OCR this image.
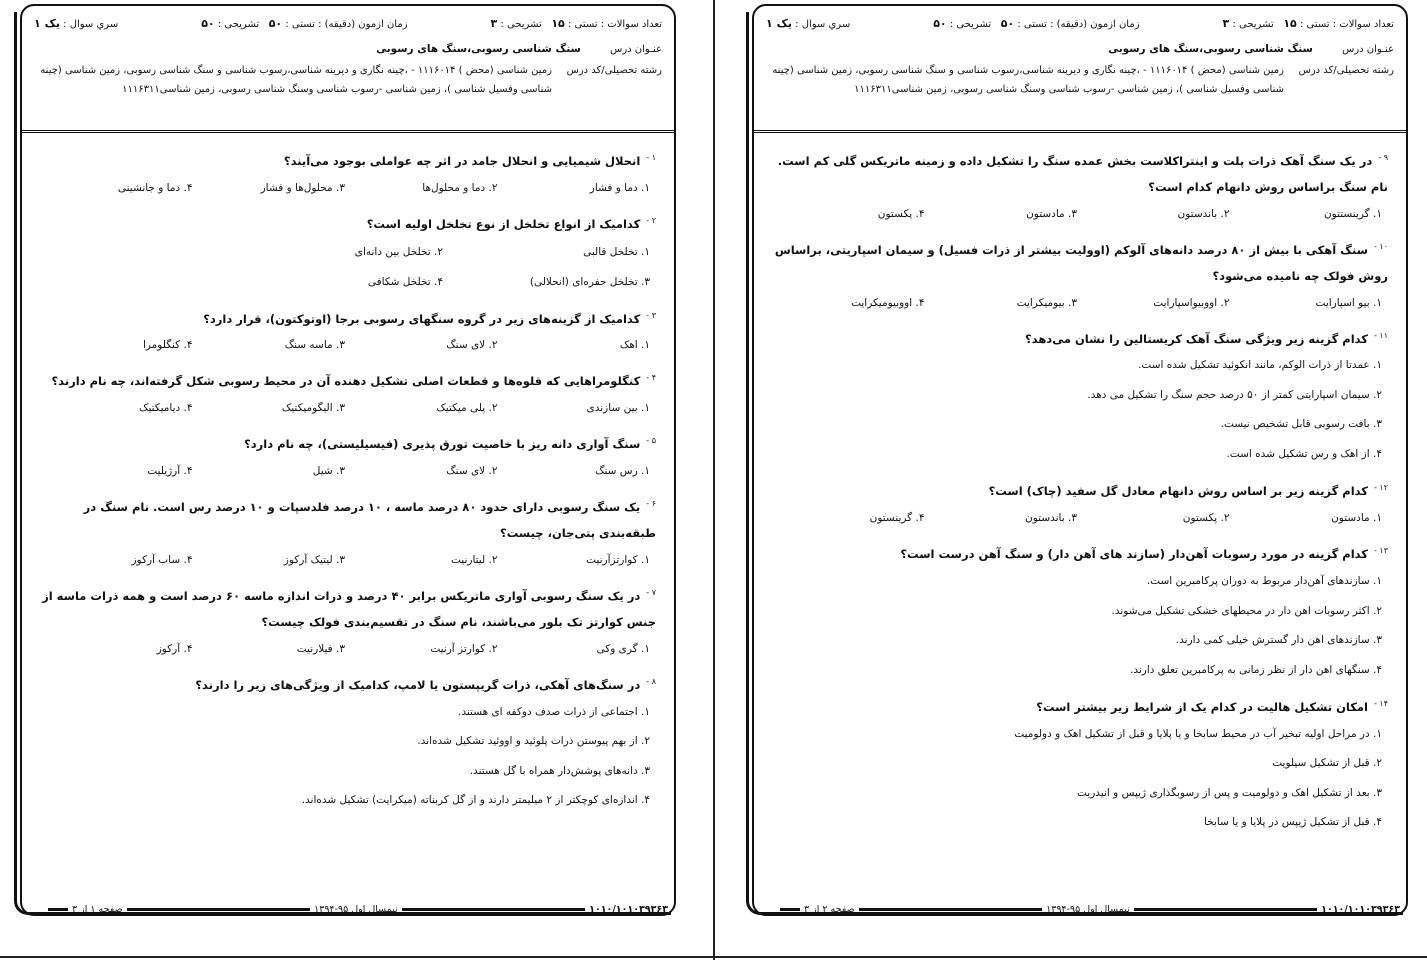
تعداد سوالات : تستی : ۱۵   تشریحی : ۳
زمان ازمون (دقیقه) : تستی : ۵۰   تشریحی : ۵۰
سري سوال : یک ۱
عنـوان درس سنگ شناسی رسوبی،سنگ های رسوبی
رشته تحصیلی/کد درس
زمین شناسی (محض ) ۱۱۱۶۰۱۴ - ،چینه نگاری و دیرینه شناسی،رسوب شناسی و سنگ شناسی رسوبی، زمین شناسی (چینه شناسی وفسیل شناسی )، زمین شناسی -رسوب شناسی وسنگ شناسی رسوبی، زمین شناسی۱۱۱۶۳۱۱
$^{۱ -}$انحلال شیمیایی و انحلال جامد در اثر چه عواملی بوجود می‌آیند؟
۱. دما و فشار
۲. دما و محلول‌ها
۳. محلول‌ها و فشار
۴. دما و جانشینی
$^{۲ -}$کدامیک از انواع تخلخل از نوع تخلخل اولیه است؟
۱. تخلخل قالبی
۲. تخلخل بین دانه‌ای
۳. تخلخل حفره‌ای (انحلالی)
۴. تخلخل شکافی
$^{۳ -}$کدامیک از گزینه‌های زیر در گروه سنگهای رسوبی برجا (اوتوکتون)، قرار دارد؟
۱. اهک
۲. لای سنگ
۳. ماسه سنگ
۴. کنگلومرا
$^{۴ -}$کنگلومراهایی که قلوه‌ها و قطعات اصلی تشکیل دهنده آن در محیط رسوبی شکل گرفته‌اند، چه نام دارند؟
۱. بین سازندی
۲. پلی میکتیک
۳. الیگومیکتیک
۴. دیامیکتیک
$^{۵ -}$سنگ آواری دانه ریز با خاصیت تورق پذیری (فیسیلیستی)، چه نام دارد؟
۱. رس سنگ
۲. لای سنگ
۳. شیل
۴. آرژیلیت
$^{۶ -}$یک سنگ رسوبی دارای حدود ۸۰ درصد ماسه ، ۱۰ درصد فلدسپات و ۱۰ درصد رس است. نام سنگ در طبقه‌بندی پتی‌جان، چیست؟
۱. کوارتزآرنیت
۲. لیتارنیت
۳. لیتیک آرکوز
۴. ساب آرکوز
$^{۷ -}$در یک سنگ رسوبی آواری ماتریکس برابر ۴۰ درصد و ذرات اندازه ماسه ۶۰ درصد است و همه ذرات ماسه از جنس کوارتز تک بلور می‌باشند، نام سنگ در تقسیم‌بندی فولک چیست؟
۱. گری وکی
۲. کوارتز آرنیت
۳. فیلارنیت
۴. آرکوز
$^{۸ -}$در سنگ‌های آهکی، ذرات گریپستون یا لامپ، کدامیک از ویژگی‌های زیر را دارند؟
۱. اجتماعی از ذرات صدف دوکفه ای هستند.
۲. از بهم پیوستن ذرات پلوئید و اووئید تشکیل شده‌اند.
۳. دانه‌های پوشش‌دار همراه با گل هستند.
۴. اندازه‌ای کوچکتر از ۲ میلیمتر دارند و از گل کربناته (میکرایت) تشکیل شده‌اند.
۱۰۱۰/۱۰۱۰۳۹۳۶۳
نیمسال اول ۹۵-۱۳۹۴
صفحه ۱ از ۳
تعداد سوالات : تستی : ۱۵   تشریحی : ۳
زمان ازمون (دقیقه) : تستی : ۵۰   تشریحی : ۵۰
سري سوال : یک ۱
عنـوان درس سنگ شناسی رسوبی،سنگ های رسوبی
رشته تحصیلی/کد درس
زمین شناسی (محض ) ۱۱۱۶۰۱۴ - ،چینه نگاری و دیرینه شناسی،رسوب شناسی و سنگ شناسی رسوبی، زمین شناسی (چینه شناسی وفسیل شناسی )، زمین شناسی -رسوب شناسی وسنگ شناسی رسوبی، زمین شناسی۱۱۱۶۳۱۱
$^{۹ -}$در یک سنگ آهک ذرات پلت و اینتراکلاست بخش عمده سنگ را تشکیل داده و زمینه ماتریکس گلی کم است. نام سنگ براساس روش دانهام کدام است؟
۱. گرینستتون
۲. باندستون
۳. مادستون
۴. پکستون
$^{۱۰ -}$سنگ آهکی با بیش از ۸۰ درصد دانه‌های آلوکم (اوولیت بیشتر از ذرات فسیل) و سیمان اسپاریتی، براساس روش فولک چه نامیده می‌شود؟
۱. بیو اسپارایت
۲. اووبیواسپارایت
۳. بیومیکرایت
۴. اووبیومیکرایت
$^{۱۱ -}$کدام گزینه زیر ویژگی سنگ آهک کریستالین را نشان می‌دهد؟
۱. عمدتا از ذرات الوکم، مانند انکوئید تشکیل شده است.
۲. سیمان اسپارایتی کمتر از ۵۰ درصد حجم سنگ را تشکیل می دهد.
۳. بافت رسوبی قابل تشخیص نیست.
۴. از اهک و رس تشکیل شده است.
$^{۱۲ -}$کدام گزینه زیر بر اساس روش دانهام معادل گل سفید (چاک) است؟
۱. مادستون
۲. پکستون
۳. باندستون
۴. گرینستون
$^{۱۳ -}$کدام گزینه در مورد رسوبات آهن‌دار (سازند های آهن دار) و سنگ آهن درست است؟
۱. سازندهای آهن‌دار مربوط به دوران پرکامبرین است.
۲. اکثر رسوبات اهن دار در محیطهای خشکی تشکیل می‌شوند.
۳. سازندهای اهن دار گسترش خیلی کمی دارند.
۴. سنگهای اهن دار از نظر زمانی به پرکامبرین تعلق دارند.
$^{۱۴ -}$امکان تشکیل هالیت در کدام یک از شرایط زیر بیشتر است؟
۱. در مراحل اولیه تبخیر آب در محیط سابخا و یا پلایا و قبل از تشکیل اهک و دولومیت
۲. قبل از تشکیل سیلویت
۳. بعد از تشکیل اهک و دولومیت و پس از رسوبگذاری ژیپس و انیدریت
۴. قبل از تشکیل ژیپس در پلایا و یا سابخا
۱۰۱۰/۱۰۱۰۳۹۳۶۳
نیمسال اول ۹۵-۱۳۹۴
صفحه ۲ از ۳
